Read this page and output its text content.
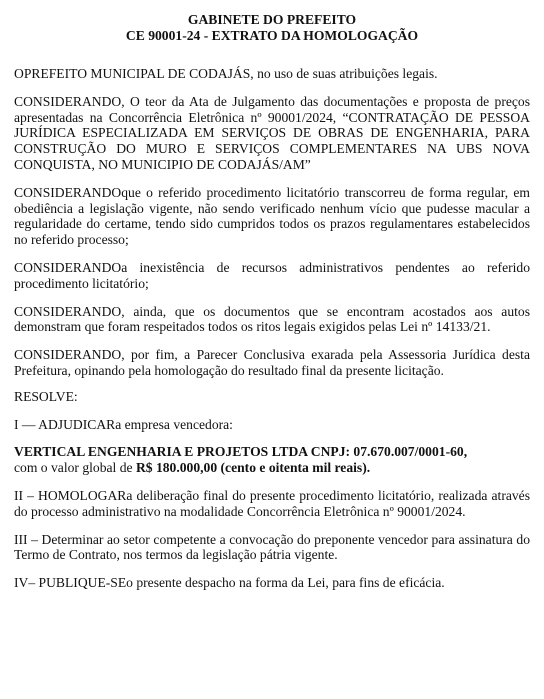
GABINETE DO PREFEITO
CE 90001-24 - EXTRATO DA HOMOLOGAÇÃO

OPREFEITO MUNICIPAL DE CODAJÁS, no uso de suas atribuições legais.

CONSIDERANDO, O teor da Ata de Julgamento das documentações e proposta de preços apresentadas na Concorrência Eletrônica nº 90001/2024, “CONTRATAÇÃO DE PESSOA JURÍDICA ESPECIALIZADA EM SERVIÇOS DE OBRAS DE ENGENHARIA, PARA CONSTRUÇÃO DO MURO E SERVIÇOS COMPLEMENTARES NA UBS NOVA CONQUISTA, NO MUNICIPIO DE CODAJÁS/AM”

CONSIDERANDOque o referido procedimento licitatório transcorreu de forma regular, em obediência a legislação vigente, não sendo verificado nenhum vício que pudesse macular a regularidade do certame, tendo sido cumpridos todos os prazos regulamentares estabelecidos no referido processo;

CONSIDERANDOa inexistência de recursos administrativos pendentes ao referido procedimento licitatório;

CONSIDERANDO, ainda, que os documentos que se encontram acostados aos autos demonstram que foram respeitados todos os ritos legais exigidos pelas Lei nº 14133/21.

CONSIDERANDO, por fim, a Parecer Conclusiva exarada pela Assessoria Jurídica desta Prefeitura, opinando pela homologação do resultado final da presente licitação.

RESOLVE:

I — ADJUDICARa empresa vencedora:

VERTICAL ENGENHARIA E PROJETOS LTDA CNPJ: 07.670.007/0001-60,
com o valor global de R$ 180.000,00 (cento e oitenta mil reais).

II – HOMOLOGARa deliberação final do presente procedimento licitatório, realizada através do processo administrativo na modalidade Concorrência Eletrônica nº 90001/2024.

III – Determinar ao setor competente a convocação do preponente vencedor para assinatura do Termo de Contrato, nos termos da legislação pátria vigente.

IV– PUBLIQUE-SEo presente despacho na forma da Lei, para fins de eficácia.
